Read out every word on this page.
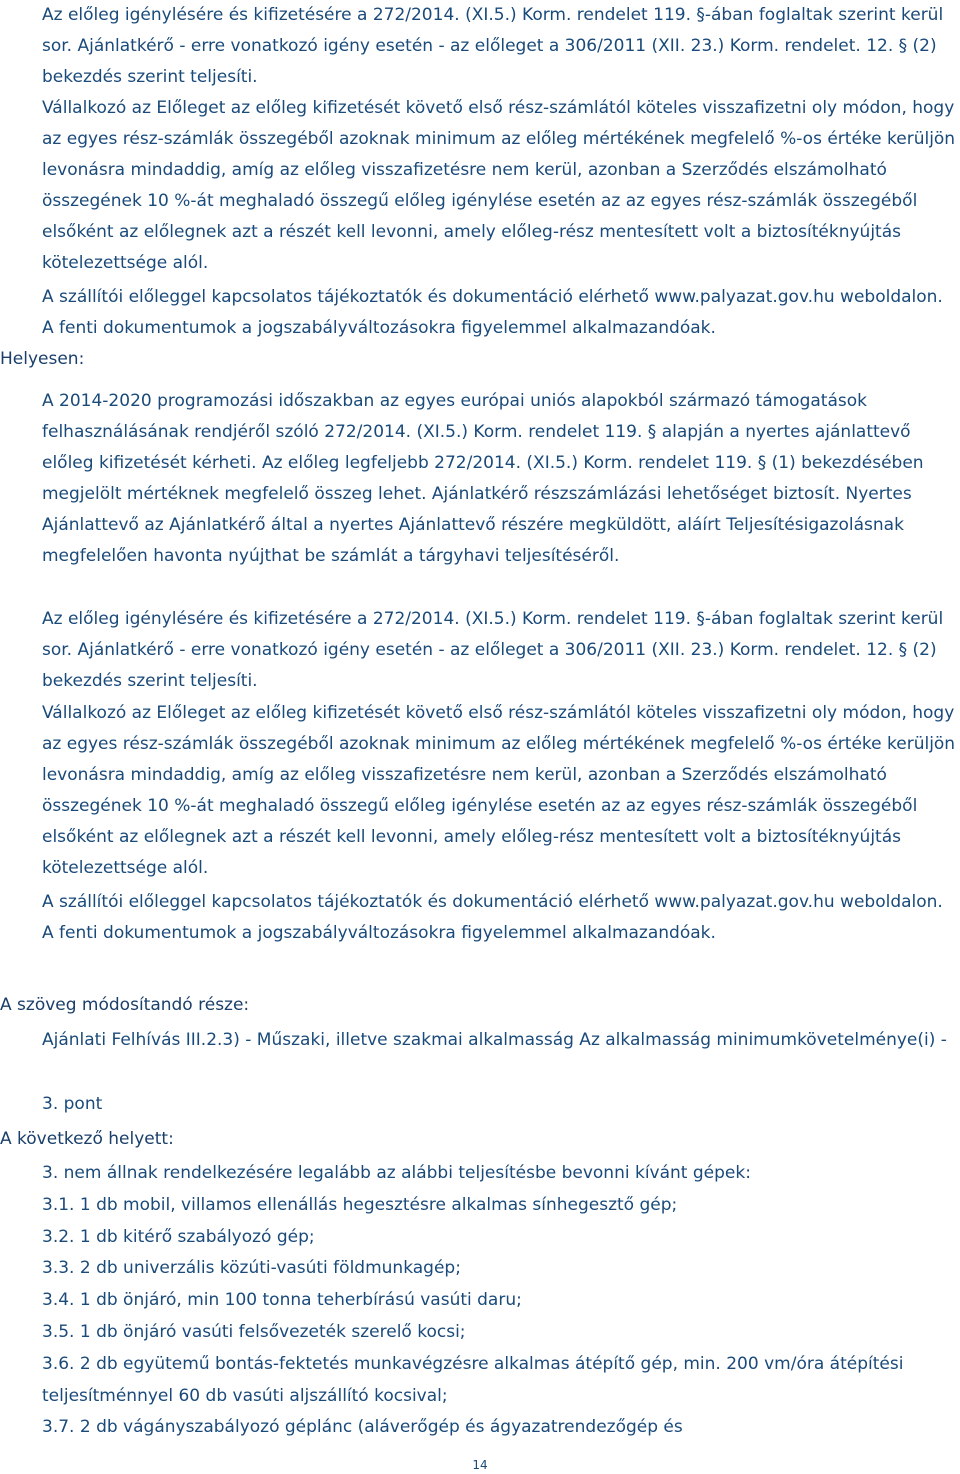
Az előleg igénylésére és kifizetésére a 272/2014. (XI.5.) Korm. rendelet 119. §-ában foglaltak szerint kerül sor. Ajánlatkérő - erre vonatkozó igény esetén - az előleget a 306/2011 (XII. 23.) Korm. rendelet. 12. § (2) bekezdés szerint teljesíti.

Vállalkozó az Előleget az előleg kifizetését követő első rész-számlától köteles visszafizetni oly módon, hogy az egyes rész-számlák összegéből azoknak minimum az előleg mértékének megfelelő %-os értéke kerüljön levonásra mindaddig, amíg az előleg visszafizetésre nem kerül, azonban a Szerződés elszámolható összegének 10 %-át meghaladó összegű előleg igénylése esetén az az egyes rész-számlák összegéből elsőként az előlegnek azt a részét kell levonni, amely előleg-rész mentesített volt a biztosítéknyújtás kötelezettsége alól.

A szállítói előleggel kapcsolatos tájékoztatók és dokumentáció elérhető www.palyazat.gov.hu weboldalon. A fenti dokumentumok a jogszabályváltozásokra figyelemmel alkalmazandóak.

Helyesen:

A 2014-2020 programozási időszakban az egyes európai uniós alapokból származó támogatások felhasználásának rendjéről szóló 272/2014. (XI.5.) Korm. rendelet 119. § alapján a nyertes ajánlattevő előleg kifizetését kérheti. Az előleg legfeljebb 272/2014. (XI.5.) Korm. rendelet 119. § (1) bekezdésében megjelölt mértéknek megfelelő összeg lehet. Ajánlatkérő részszámlázási lehetőséget biztosít. Nyertes Ajánlattevő az Ajánlatkérő által a nyertes Ajánlattevő részére megküldött, aláírt Teljesítésigazolásnak megfelelően havonta nyújthat be számlát a tárgyhavi teljesítéséről.

Az előleg igénylésére és kifizetésére a 272/2014. (XI.5.) Korm. rendelet 119. §-ában foglaltak szerint kerül sor. Ajánlatkérő - erre vonatkozó igény esetén - az előleget a 306/2011 (XII. 23.) Korm. rendelet. 12. § (2) bekezdés szerint teljesíti.

Vállalkozó az Előleget az előleg kifizetését követő első rész-számlától köteles visszafizetni oly módon, hogy az egyes rész-számlák összegéből azoknak minimum az előleg mértékének megfelelő %-os értéke kerüljön levonásra mindaddig, amíg az előleg visszafizetésre nem kerül, azonban a Szerződés elszámolható összegének 10 %-át meghaladó összegű előleg igénylése esetén az az egyes rész-számlák összegéből elsőként az előlegnek azt a részét kell levonni, amely előleg-rész mentesített volt a biztosítéknyújtás kötelezettsége alól.

A szállítói előleggel kapcsolatos tájékoztatók és dokumentáció elérhető www.palyazat.gov.hu weboldalon. A fenti dokumentumok a jogszabályváltozásokra figyelemmel alkalmazandóak.

A szöveg módosítandó része:

Ajánlati Felhívás III.2.3) - Műszaki, illetve szakmai alkalmasság Az alkalmasság minimumkövetelménye(i) -

3. pont

A következő helyett:

3. nem állnak rendelkezésére legalább az alábbi teljesítésbe bevonni kívánt gépek:
3.1. 1 db mobil, villamos ellenállás hegesztésre alkalmas sínhegesztő gép;
3.2. 1 db kitérő szabályozó gép;
3.3. 2 db univerzális közúti-vasúti földmunkagép;
3.4. 1 db önjáró, min 100 tonna teherbírású vasúti daru;
3.5. 1 db önjáró vasúti felsővezeték szerelő kocsi;
3.6. 2 db együtemű bontás-fektetés munkavégzésre alkalmas átépítő gép, min. 200 vm/óra átépítési teljesítménnyel 60 db vasúti aljszállító kocsival;
3.7. 2 db vágányszabályozó géplánc (aláverőgép és ágyazatrendezőgép és
14
